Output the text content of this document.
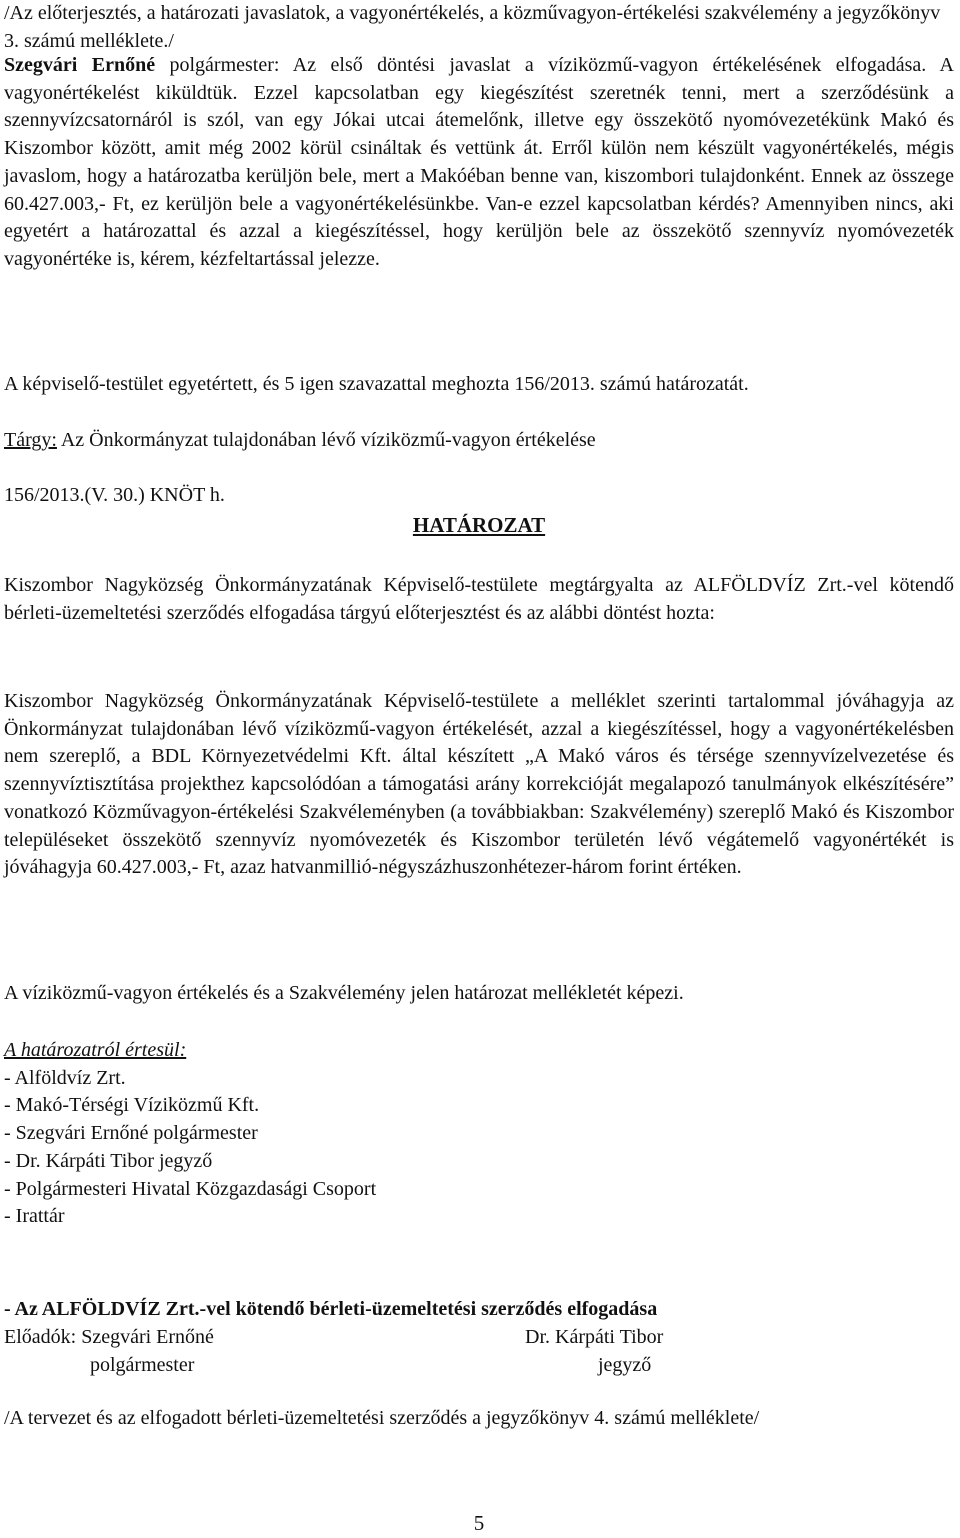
/Az előterjesztés, a határozati javaslatok, a vagyonértékelés, a közművagyon-értékelési szakvélemény a jegyzőkönyv 3. számú melléklete./

Szegvári Ernőné polgármester: Az első döntési javaslat a víziközmű-vagyon értékelésének elfogadása. A vagyonértékelést kiküldtük. Ezzel kapcsolatban egy kiegészítést szeretnék tenni, mert a szerződésünk a szennyvízcsatornáról is szól, van egy Jókai utcai átemelőnk, illetve egy összekötő nyomóvezetékünk Makó és Kiszombor között, amit még 2002 körül csináltak és vettünk át. Erről külön nem készült vagyonértékelés, mégis javaslom, hogy a határozatba kerüljön bele, mert a Makóéban benne van, kiszombori tulajdonként. Ennek az összege 60.427.003,- Ft, ez kerüljön bele a vagyonértékelésünkbe. Van-e ezzel kapcsolatban kérdés? Amennyiben nincs, aki egyetért a határozattal és azzal a kiegészítéssel, hogy kerüljön bele az összekötő szennyvíz nyomóvezeték vagyonértéke is, kérem, kézfeltartással jelezze.

A képviselő-testület egyetértett, és 5 igen szavazattal meghozta 156/2013. számú határozatát.

Tárgy: Az Önkormányzat tulajdonában lévő víziközmű-vagyon értékelése

156/2013.(V. 30.) KNÖT h.

HATÁROZAT

Kiszombor Nagyközség Önkormányzatának Képviselő-testülete megtárgyalta az ALFÖLDVÍZ Zrt.-vel kötendő bérleti-üzemeltetési szerződés elfogadása tárgyú előterjesztést és az alábbi döntést hozta:

Kiszombor Nagyközség Önkormányzatának Képviselő-testülete a melléklet szerinti tartalommal jóváhagyja az Önkormányzat tulajdonában lévő víziközmű-vagyon értékelését, azzal a kiegészítéssel, hogy a vagyonértékelésben nem szereplő, a BDL Környezetvédelmi Kft. által készített „A Makó város és térsége szennyvízelvezetése és szennyvíztisztítása projekthez kapcsolódóan a támogatási arány korrekcióját megalapozó tanulmányok elkészítésére” vonatkozó Közművagyon-értékelési Szakvéleményben (a továbbiakban: Szakvélemény) szereplő Makó és Kiszombor településeket összekötő szennyvíz nyomóvezeték és Kiszombor területén lévő végátemelő vagyonértékét is jóváhagyja 60.427.003,- Ft, azaz hatvanmillió-négyszázhuszonhétezer-három forint értéken.

A víziközmű-vagyon értékelés és a Szakvélemény jelen határozat mellékletét képezi.

A határozatról értesül:
- Alföldvíz Zrt.
- Makó-Térségi Víziközmű Kft.
- Szegvári Ernőné polgármester
- Dr. Kárpáti Tibor jegyző
- Polgármesteri Hivatal Közgazdasági Csoport
- Irattár

- Az ALFÖLDVÍZ Zrt.-vel kötendő bérleti-üzemeltetési szerződés elfogadása

Előadók: Szegvári Ernőné
polgármester
Dr. Kárpáti Tibor
jegyző

/A tervezet és az elfogadott bérleti-üzemeltetési szerződés a jegyzőkönyv 4. számú melléklete/

5
